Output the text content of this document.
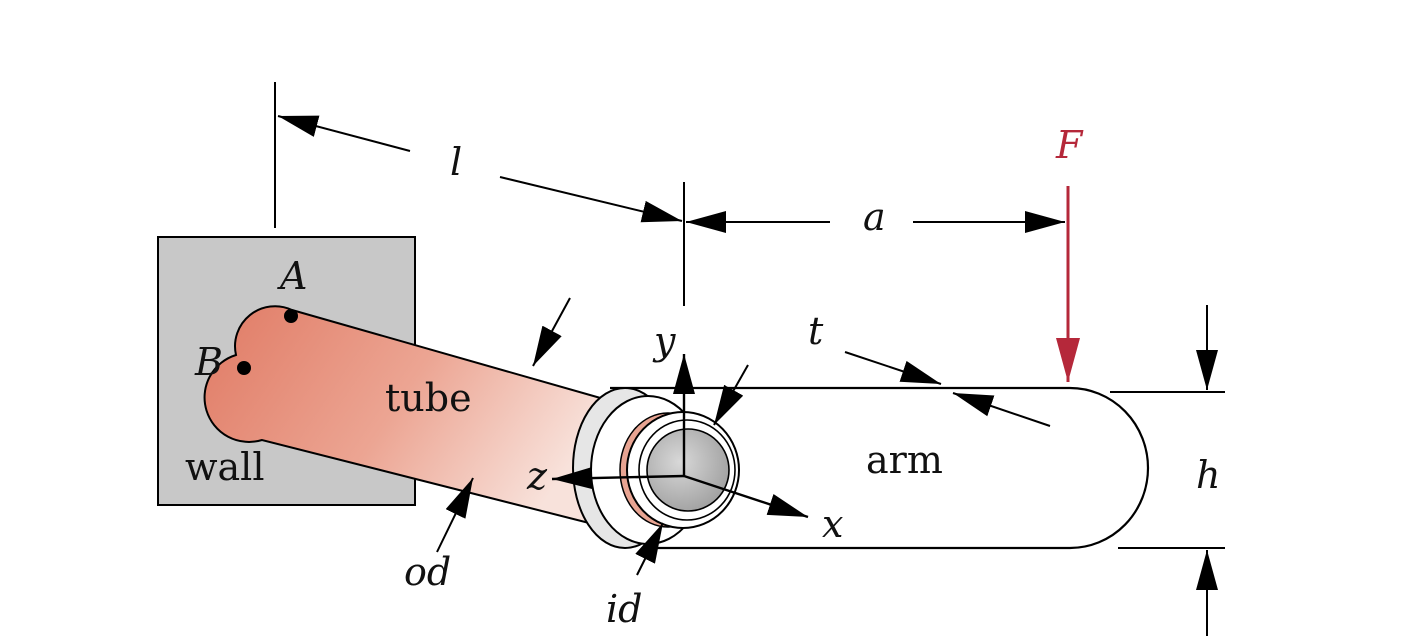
l
a
F
A
B	y	t
tube
wall	arm	h
z
x
od
id
